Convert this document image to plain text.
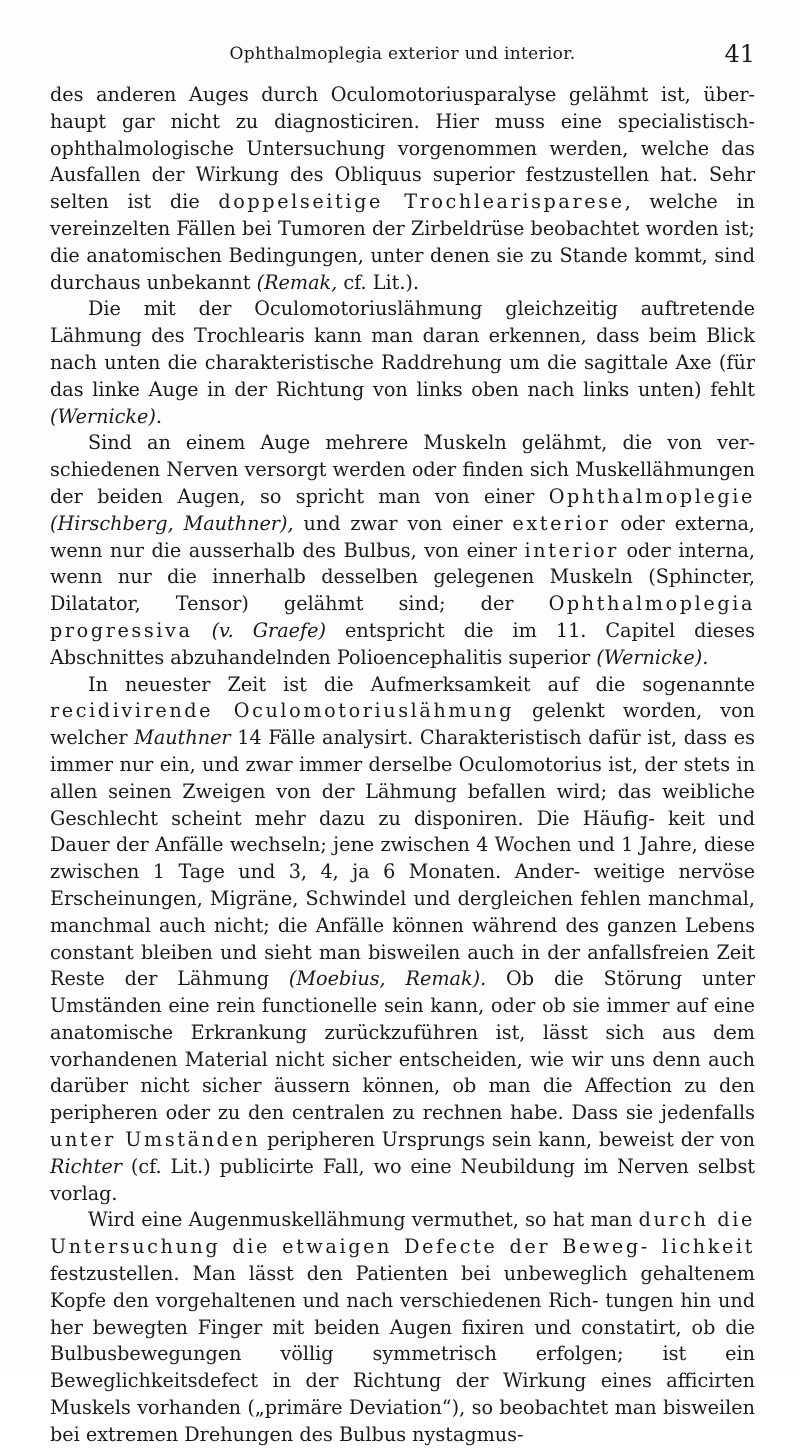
Ophthalmoplegia exterior und interior.	41

des anderen Auges durch Oculomotoriusparalyse gelähmt ist, über- haupt gar nicht zu diagnosticiren. Hier muss eine specialistisch- ophthalmologische Untersuchung vorgenommen werden, welche das Ausfallen der Wirkung des Obliquus superior festzustellen hat. Sehr selten ist die doppelseitige Trochlearisparese, welche in vereinzelten Fällen bei Tumoren der Zirbeldrüse beobachtet worden ist; die anatomischen Bedingungen, unter denen sie zu Stande kommt, sind durchaus unbekannt (Remak, cf. Lit.).

Die mit der Oculomotoriuslähmung gleichzeitig auftretende Lähmung des Trochlearis kann man daran erkennen, dass beim Blick nach unten die charakteristische Raddrehung um die sagittale Axe (für das linke Auge in der Richtung von links oben nach links unten) fehlt (Wernicke).

Sind an einem Auge mehrere Muskeln gelähmt, die von ver- schiedenen Nerven versorgt werden oder finden sich Muskellähmungen der beiden Augen, so spricht man von einer Ophthalmoplegie (Hirschberg, Mauthner), und zwar von einer exterior oder externa, wenn nur die ausserhalb des Bulbus, von einer interior oder interna, wenn nur die innerhalb desselben gelegenen Muskeln (Sphincter, Dilatator, Tensor) gelähmt sind; der Ophthalmoplegia progressiva (v. Graefe) entspricht die im 11. Capitel dieses Abschnittes abzuhandelnden Polioencephalitis superior (Wernicke).

In neuester Zeit ist die Aufmerksamkeit auf die sogenannte recidivirende Oculomotoriuslähmung gelenkt worden, von welcher Mauthner 14 Fälle analysirt. Charakteristisch dafür ist, dass es immer nur ein, und zwar immer derselbe Oculomotorius ist, der stets in allen seinen Zweigen von der Lähmung befallen wird; das weibliche Geschlecht scheint mehr dazu zu disponiren. Die Häufig- keit und Dauer der Anfälle wechseln; jene zwischen 4 Wochen und 1 Jahre, diese zwischen 1 Tage und 3, 4, ja 6 Monaten. Ander- weitige nervöse Erscheinungen, Migräne, Schwindel und dergleichen fehlen manchmal, manchmal auch nicht; die Anfälle können während des ganzen Lebens constant bleiben und sieht man bisweilen auch in der anfallsfreien Zeit Reste der Lähmung (Moebius, Remak). Ob die Störung unter Umständen eine rein functionelle sein kann, oder ob sie immer auf eine anatomische Erkrankung zurückzuführen ist, lässt sich aus dem vorhandenen Material nicht sicher entscheiden, wie wir uns denn auch darüber nicht sicher äussern können, ob man die Affection zu den peripheren oder zu den centralen zu rechnen habe. Dass sie jedenfalls unter Umständen peripheren Ursprungs sein kann, beweist der von Richter (cf. Lit.) publicirte Fall, wo eine Neubildung im Nerven selbst vorlag.

Wird eine Augenmuskellähmung vermuthet, so hat man durch die Untersuchung die etwaigen Defecte der Beweg- lichkeit festzustellen. Man lässt den Patienten bei unbeweglich gehaltenem Kopfe den vorgehaltenen und nach verschiedenen Rich- tungen hin und her bewegten Finger mit beiden Augen fixiren und constatirt, ob die Bulbusbewegungen völlig symmetrisch erfolgen; ist ein Beweglichkeitsdefect in der Richtung der Wirkung eines afficirten Muskels vorhanden („primäre Deviation“), so beobachtet man bisweilen bei extremen Drehungen des Bulbus nystagmus-
